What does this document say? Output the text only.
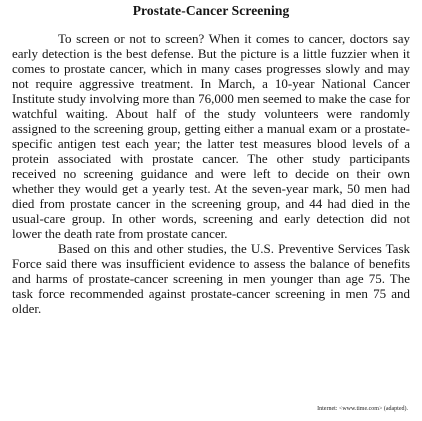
Prostate-Cancer Screening

To screen or not to screen? When it comes to cancer, doctors say early detection is the best defense. But the picture is a little fuzzier when it comes to prostate cancer, which in many cases progresses slowly and may not require aggressive treatment. In March, a 10-year National Cancer Institute study involving more than 76,000 men seemed to make the case for watchful waiting. About half of the study volunteers were randomly assigned to the screening group, getting either a manual exam or a prostate-specific antigen test each year; the latter test measures blood levels of a protein associated with prostate cancer. The other study participants received no screening guidance and were left to decide on their own whether they would get a yearly test. At the seven-year mark, 50 men had died from prostate cancer in the screening group, and 44 had died in the usual-care group. In other words, screening and early detection did not lower the death rate from prostate cancer.

Based on this and other studies, the U.S. Preventive Services Task Force said there was insufficient evidence to assess the balance of benefits and harms of prostate-cancer screening in men younger than age 75. The task force recommended against prostate-cancer screening in men 75 and older.

Internet: <www.time.com> (adapted).
